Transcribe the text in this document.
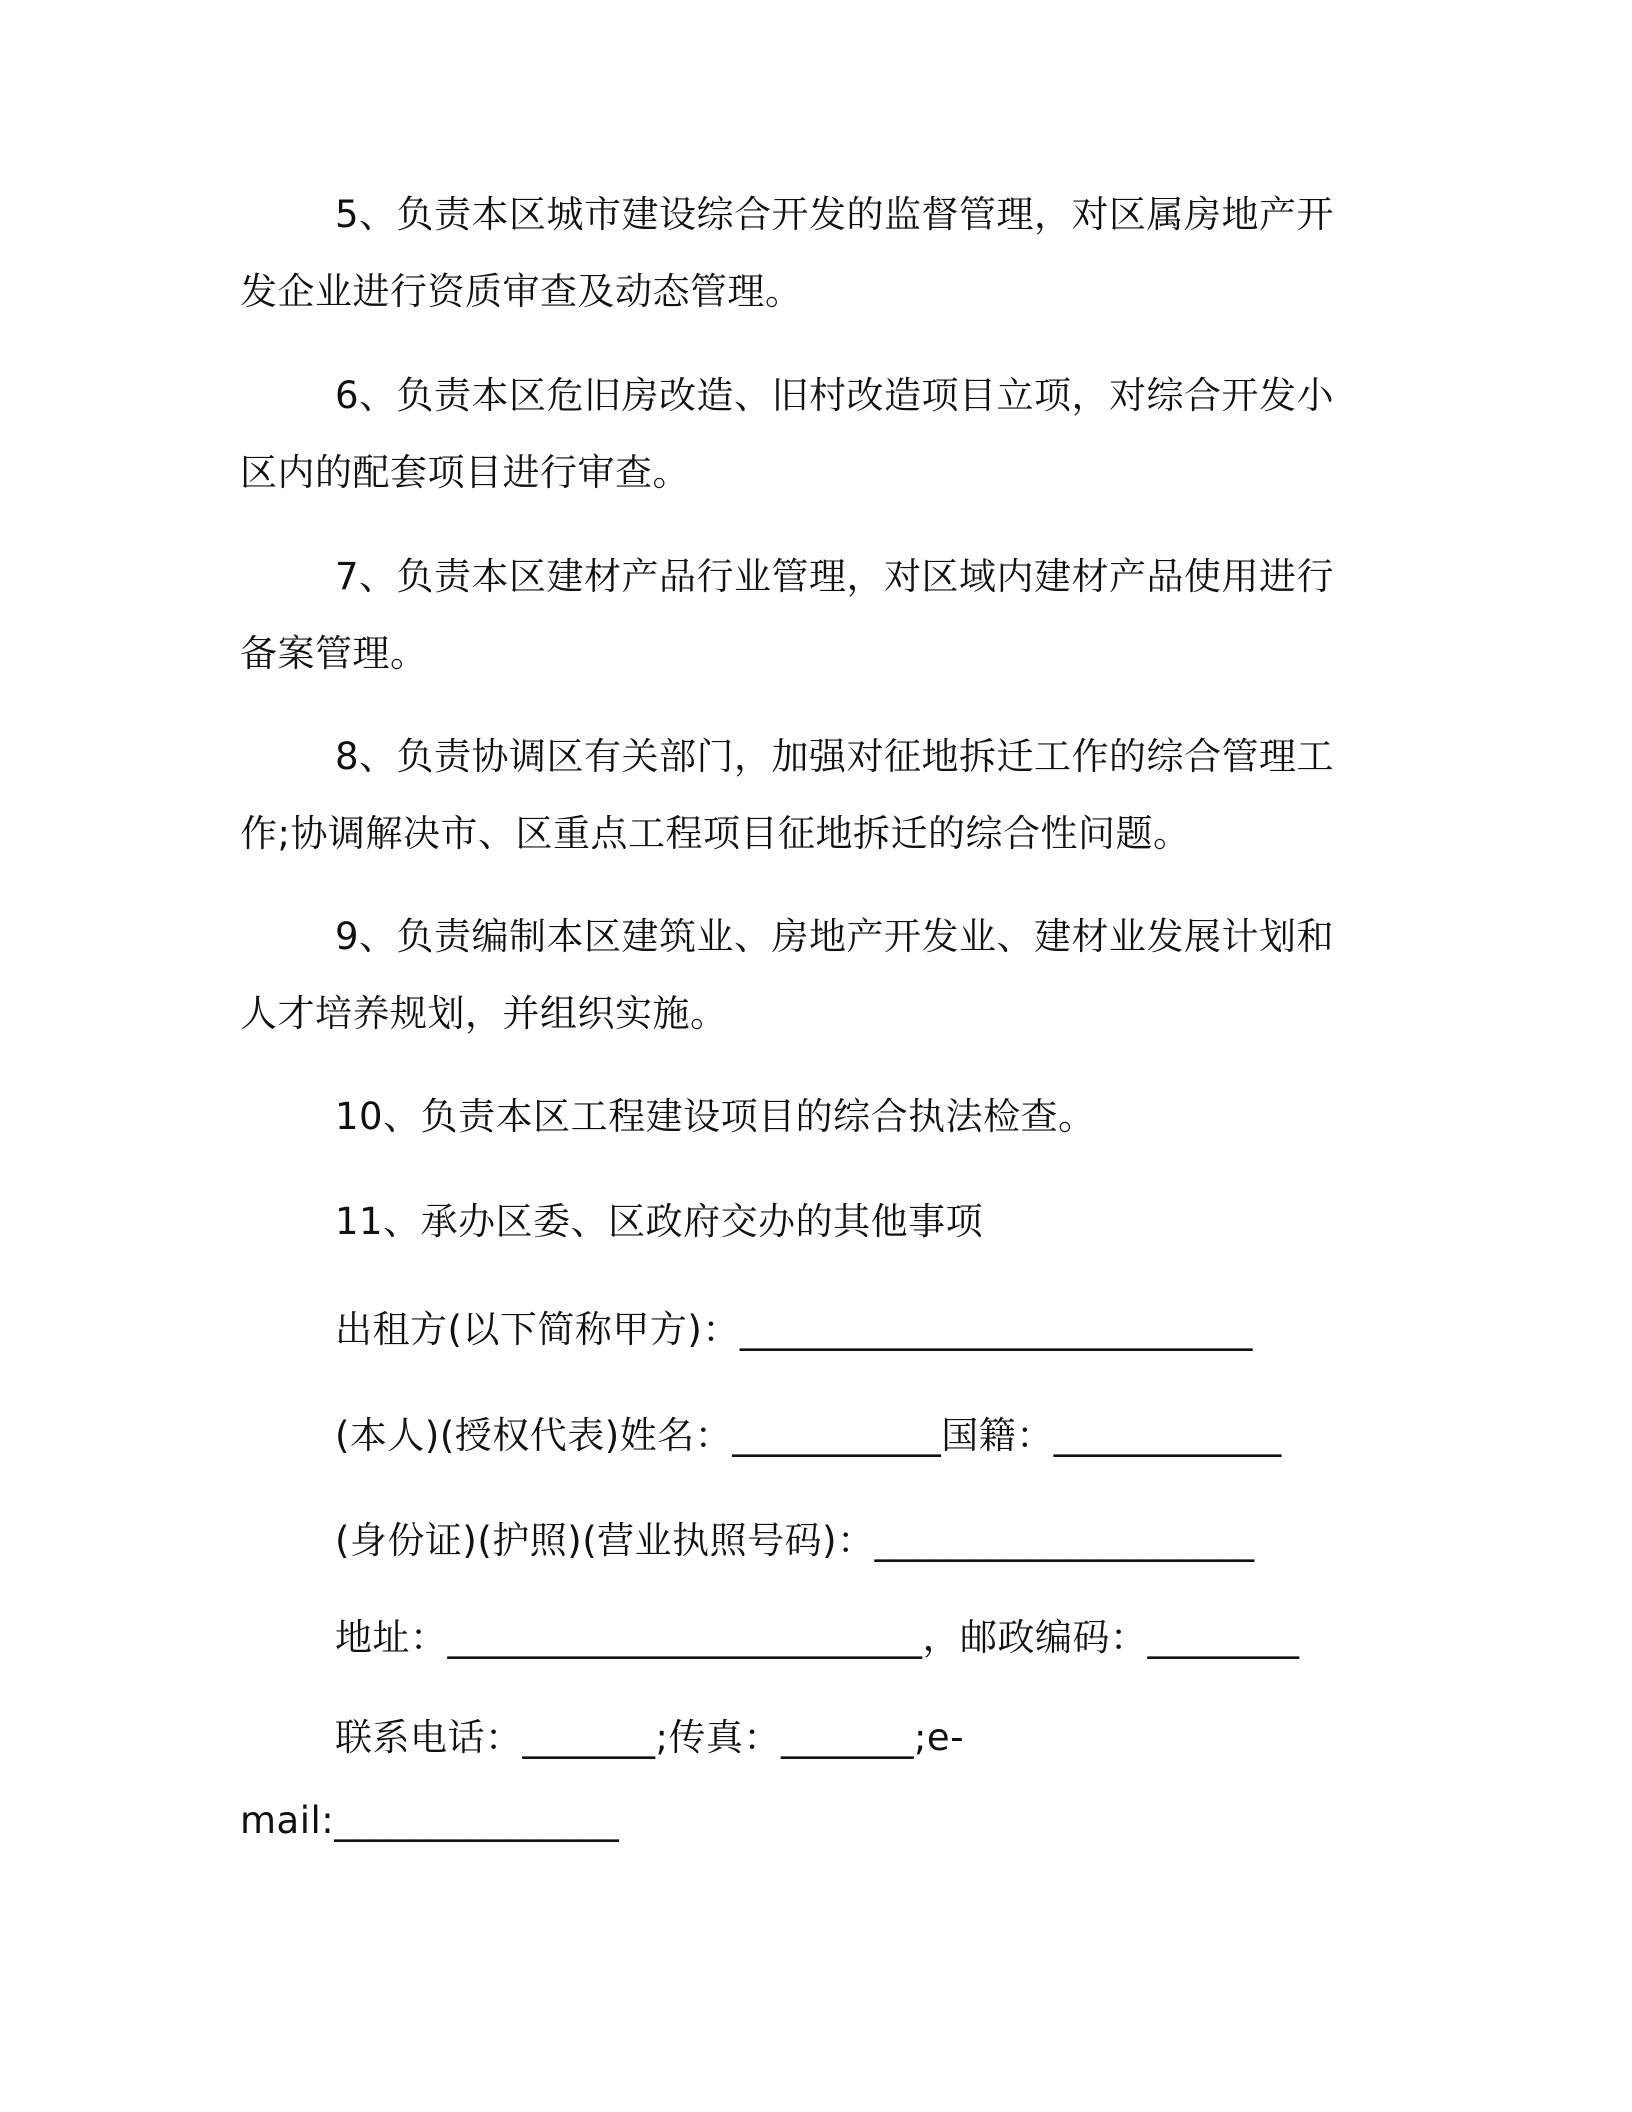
5、负责本区城市建设综合开发的监督管理，对区属房地产开发企业进行资质审查及动态管理。

6、负责本区危旧房改造、旧村改造项目立项，对综合开发小区内的配套项目进行审查。

7、负责本区建材产品行业管理，对区域内建材产品使用进行备案管理。

8、负责协调区有关部门，加强对征地拆迁工作的综合管理工作;协调解决市、区重点工程项目征地拆迁的综合性问题。

9、负责编制本区建筑业、房地产开发业、建材业发展计划和人才培养规划，并组织实施。

10、负责本区工程建设项目的综合执法检查。

11、承办区委、区政府交办的其他事项

出租方(以下简称甲方)：___________________________

(本人)(授权代表)姓名：___________国籍：____________

(身份证)(护照)(营业执照号码)：____________________

地址：_________________________，邮政编码：________

联系电话：_______;传真：_______;e-

mail:_______________
